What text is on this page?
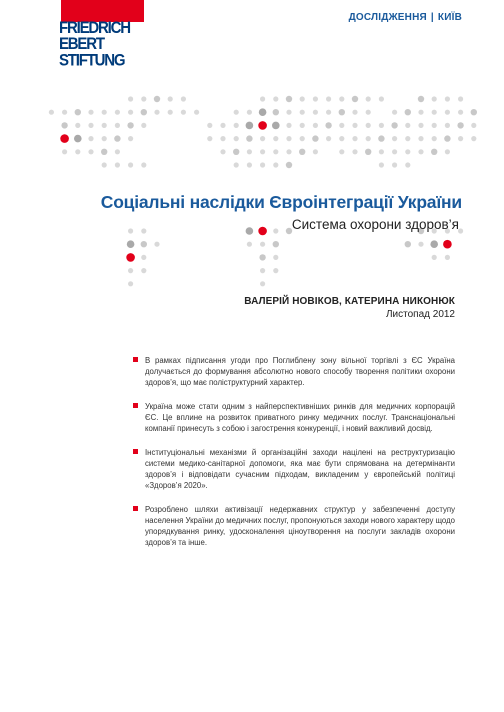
FRIEDRICH
EBERT
STIFTUNG
ДОСЛІДЖЕННЯ | КИЇВ
Соціальні наслідки Євроінтеграції України
Система охорони здоров’я
ВАЛЕРІЙ НОВІКОВ, КАТЕРИНА НИКОНЮК
Листопад 2012
В рамках підписання угоди про Поглиблену зону вільної торгівлі з ЄС Україна долучається до формування абсолютно нового способу творення політики охорони здоров’я, що має поліструктурний характер.
Україна може стати одним з найперспективніших ринків для медичних корпорацій ЄС. Це вплине на розвиток приватного ринку медичних послуг. Транснаціональні компанії принесуть з собою і загострення конкуренції, і новий важливий досвід.
Інституціональні механізми й організаційні заходи націлені на реструктуризацію системи медико-санітарної допомоги, яка має бути спрямована на детермінанти здоров’я і відповідати сучасним підходам, викладеним у європейській політиці «Здоров’я 2020».
Розроблено шляхи активізації недержавних структур у забезпеченні доступу населення України до медичних послуг, пропонуються заходи нового характеру щодо упорядкування ринку, удосконалення ціноутворення на послуги закладів охорони здоров’я та інше.
